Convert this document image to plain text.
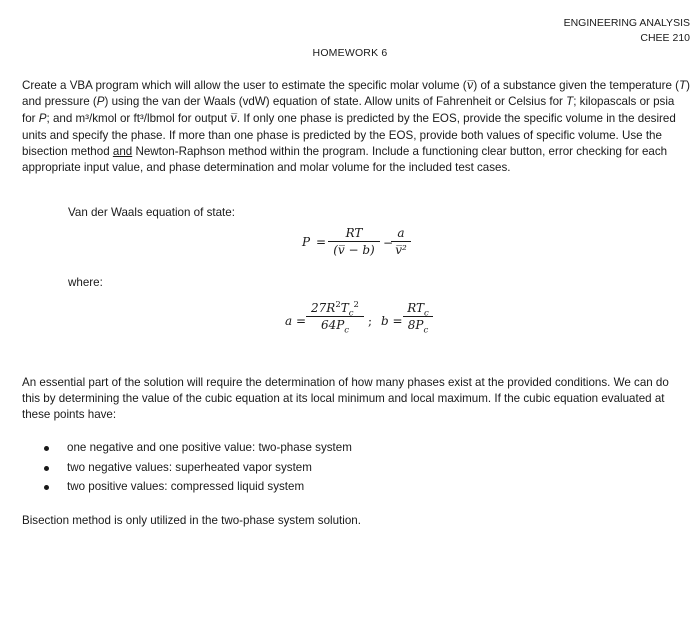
ENGINEERING ANALYSIS
CHEE 210
HOMEWORK 6

Create a VBA program which will allow the user to estimate the specific molar volume (v̅) of a substance given the temperature (T) and pressure (P) using the van der Waals (vdW) equation of state. Allow units of Fahrenheit or Celsius for T; kilopascals or psia for P; and m³/kmol or ft³/lbmol for output v̅. If only one phase is predicted by the EOS, provide the specific volume in the desired units and specify the phase. If more than one phase is predicted by the EOS, provide both values of specific volume. Use the bisection method and Newton-Raphson method within the program. Include a functioning clear button, error checking for each appropriate input value, and phase determination and molar volume for the included test cases.

Van der Waals equation of state:
P =
RT
(v̅ − b) −
a
v̅²
where:
a =
$27R^2T_c^2$
$64P_c$
; b =
$RT_c$
$8P_c$

An essential part of the solution will require the determination of how many phases exist at the provided conditions. We can do this by determining the value of the cubic equation at its local minimum and local maximum. If the cubic equation evaluated at these points have:

one negative and one positive value: two-phase system
two negative values: superheated vapor system
two positive values: compressed liquid system

Bisection method is only utilized in the two-phase system solution.
